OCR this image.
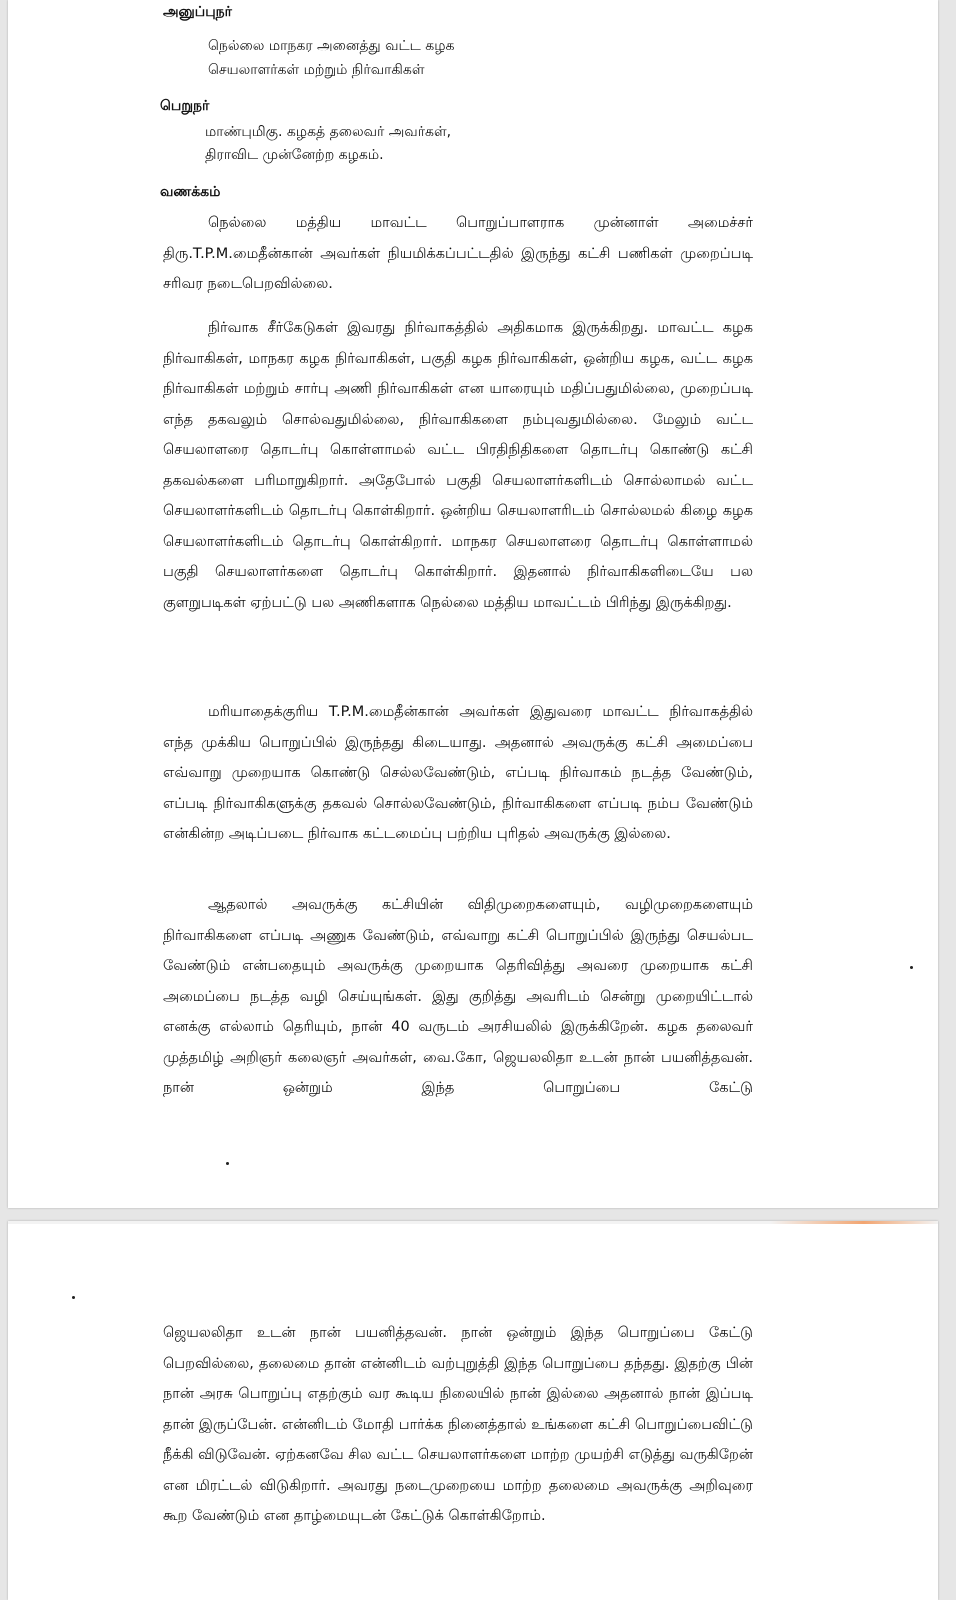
அனுப்புநர்

நெல்லை மாநகர அனைத்து வட்ட கழக

செயலாளர்கள் மற்றும் நிர்வாகிகள்

பெறுநர்

மாண்புமிகு. கழகத் தலைவர் அவர்கள்,

திராவிட முன்னேற்ற கழகம்.

வணக்கம்

நெல்லை மத்திய மாவட்ட பொறுப்பாளராக முன்னாள் அமைச்சர் திரு.T.P.M.மைதீன்கான் அவர்கள் நியமிக்கப்பட்டதில் இருந்து கட்சி பணிகள் முறைப்படி சரிவர நடைபெறவில்லை.

நிர்வாக சீர்கேடுகள் இவரது நிர்வாகத்தில் அதிகமாக இருக்கிறது. மாவட்ட கழக நிர்வாகிகள், மாநகர கழக நிர்வாகிகள், பகுதி கழக நிர்வாகிகள், ஒன்றிய கழக, வட்ட கழக நிர்வாகிகள் மற்றும் சார்பு அணி நிர்வாகிகள் என யாரையும் மதிப்பதுமில்லை, முறைப்படி எந்த தகவலும் சொல்வதுமில்லை, நிர்வாகிகளை நம்புவதுமில்லை. மேலும் வட்ட செயலாளரை தொடர்பு கொள்ளாமல் வட்ட பிரதிநிதிகளை தொடர்பு கொண்டு கட்சி தகவல்களை பரிமாறுகிறார். அதேபோல் பகுதி செயலாளர்களிடம் சொல்லாமல் வட்ட செயலாளர்களிடம் தொடர்பு கொள்கிறார். ஒன்றிய செயலாளரிடம் சொல்லமல் கிழை கழக செயலாளர்களிடம் தொடர்பு கொள்கிறார். மாநகர செயலாளரை தொடர்பு கொள்ளாமல் பகுதி செயலாளர்களை தொடர்பு கொள்கிறார். இதனால் நிர்வாகிகளிடையே பல குளறுபடிகள் ஏற்பட்டு பல அணிகளாக நெல்லை மத்திய மாவட்டம் பிரிந்து இருக்கிறது.

மரியாதைக்குரிய T.P.M.மைதீன்கான் அவர்கள் இதுவரை மாவட்ட நிர்வாகத்தில் எந்த முக்கிய பொறுப்பில் இருந்தது கிடையாது. அதனால் அவருக்கு கட்சி அமைப்பை எவ்வாறு முறையாக கொண்டு செல்லவேண்டும், எப்படி நிர்வாகம் நடத்த வேண்டும், எப்படி நிர்வாகிகளுக்கு தகவல் சொல்லவேண்டும், நிர்வாகிகளை எப்படி நம்ப வேண்டும் என்கின்ற அடிப்படை நிர்வாக கட்டமைப்பு பற்றிய புரிதல் அவருக்கு இல்லை.

ஆதலால் அவருக்கு கட்சியின் விதிமுறைகளையும், வழிமுறைகளையும் நிர்வாகிகளை எப்படி அணுக வேண்டும், எவ்வாறு கட்சி பொறுப்பில் இருந்து செயல்பட வேண்டும் என்பதையும் அவருக்கு முறையாக தெரிவித்து அவரை முறையாக கட்சி அமைப்பை நடத்த வழி செய்யுங்கள். இது குறித்து அவரிடம் சென்று முறையிட்டால் எனக்கு எல்லாம் தெரியும், நான் 40 வருடம் அரசியலில் இருக்கிறேன். கழக தலைவர் முத்தமிழ் அறிஞர் கலைஞர் அவர்கள், வை.கோ, ஜெயலலிதா உடன் நான் பயனித்தவன். நான் ஒன்றும் இந்த பொறுப்பை கேட்டு

ஜெயலலிதா உடன் நான் பயனித்தவன். நான் ஒன்றும் இந்த பொறுப்பை கேட்டு பெறவில்லை, தலைமை தான் என்னிடம் வற்புறுத்தி இந்த பொறுப்பை தந்தது. இதற்கு பின் நான் அரசு பொறுப்பு எதற்கும் வர கூடிய நிலையில் நான் இல்லை அதனால் நான் இப்படி தான் இருப்பேன். என்னிடம் மோதி பார்க்க நினைத்தால் உங்களை கட்சி பொறுப்பைவிட்டு நீக்கி விடுவேன். ஏற்கனவே சில வட்ட செயலாளர்களை மாற்ற முயற்சி எடுத்து வருகிறேன் என மிரட்டல் விடுகிறார். அவரது நடைமுறையை மாற்ற தலைமை அவருக்கு அறிவுரை கூற வேண்டும் என தாழ்மையுடன் கேட்டுக் கொள்கிறோம்.
